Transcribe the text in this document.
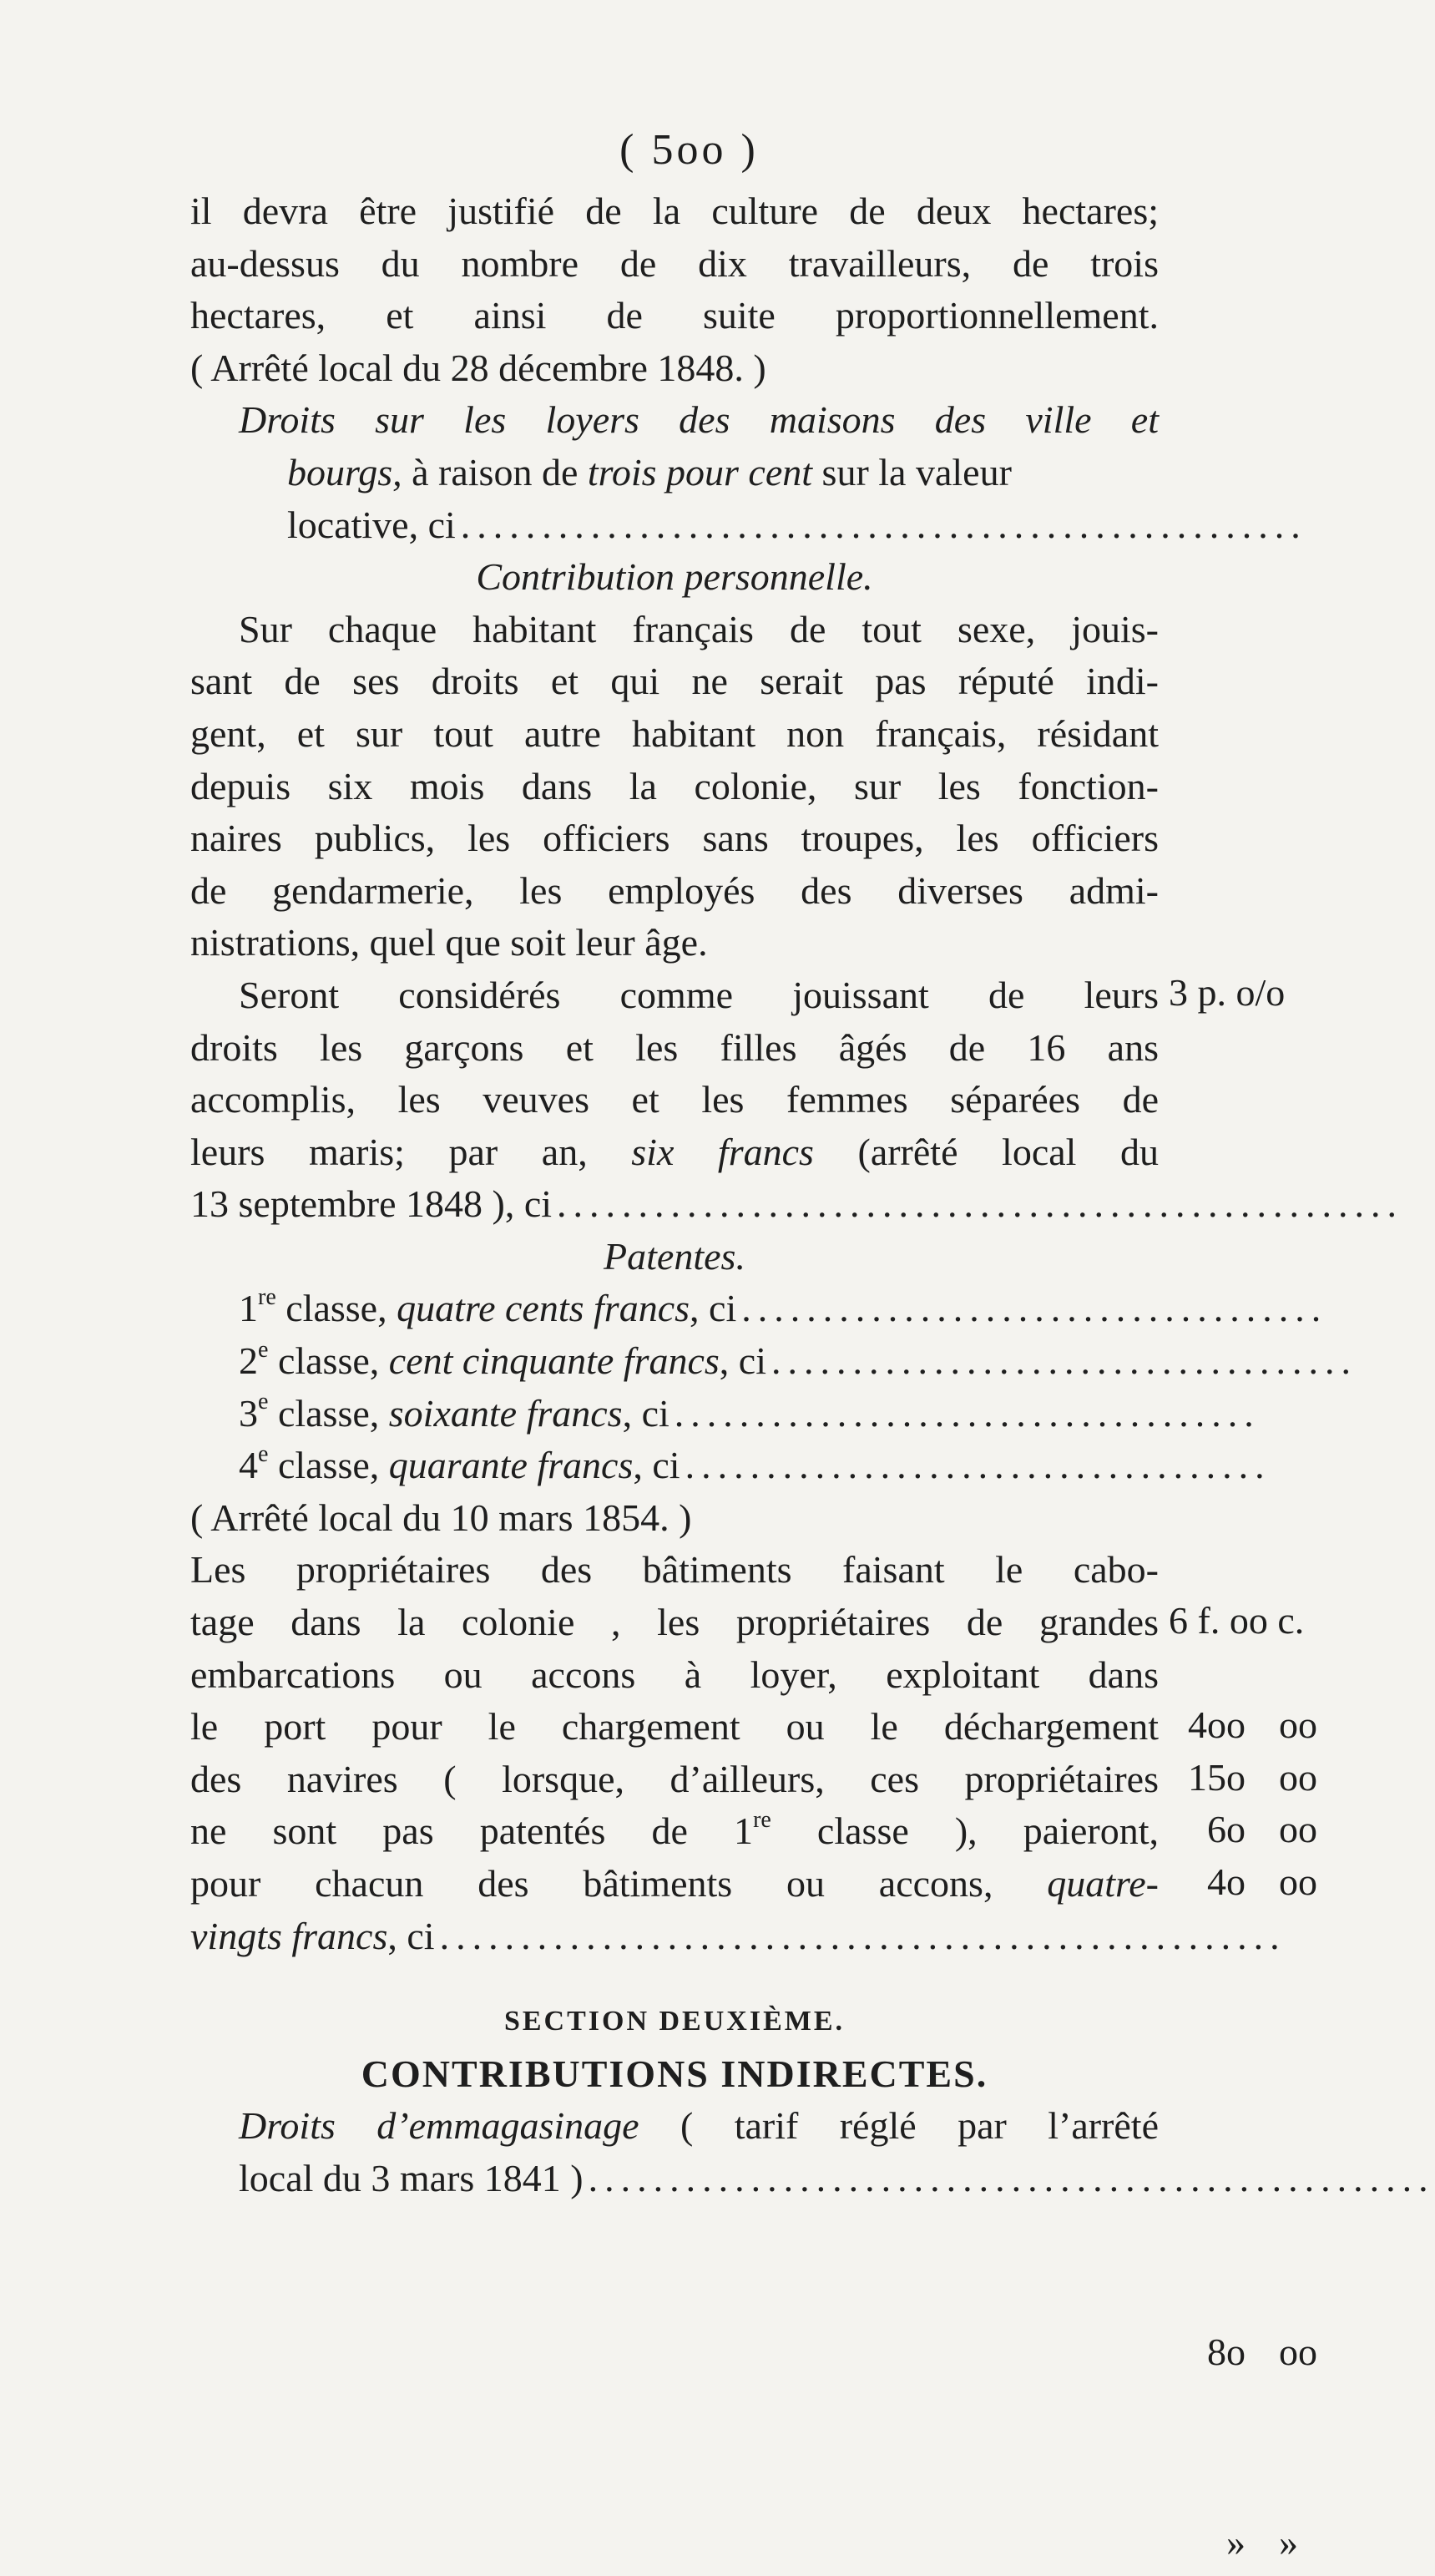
( 5oo )
il devra être justifié de la culture de deux hectares;
au-dessus du nombre de dix travailleurs, de trois
hectares, et ainsi de suite proportionnellement.
( Arrêté local du 28 décembre 1848. )
Droits sur les loyers des maisons des ville et
bourgs, à raison de trois pour cent sur la valeur
locative, ci ....................................................
Contribution personnelle.
Sur chaque habitant français de tout sexe, jouis-
sant de ses droits et qui ne serait pas réputé indi-
gent, et sur tout autre habitant non français, résidant
depuis six mois dans la colonie, sur les fonction-
naires publics, les officiers sans troupes, les officiers
de gendarmerie, les employés des diverses admi-
nistrations, quel que soit leur âge.
Seront considérés comme jouissant de leurs
droits les garçons et les filles âgés de 16 ans
accomplis, les veuves et les femmes séparées de
leurs maris; par an, six francs (arrêté local du
13 septembre 1848 ), ci ....................................................
Patentes.
1re classe, quatre cents francs, ci ....................................
2e classe, cent cinquante francs, ci ....................................
3e classe, soixante francs, ci ....................................
4e classe, quarante francs, ci ....................................
( Arrêté local du 10 mars 1854. )
Les propriétaires des bâtiments faisant le cabo-
tage dans la colonie , les propriétaires de grandes
embarcations ou accons à loyer, exploitant dans
le port pour le chargement ou le déchargement
des navires ( lorsque, d’ailleurs, ces propriétaires
ne sont pas patentés de 1re classe ), paieront,
pour chacun des bâtiments ou accons, quatre-
vingts francs, ci ....................................................
SECTION DEUXIÈME.
CONTRIBUTIONS INDIRECTES.
Droits d’emmagasinage ( tarif réglé par l’arrêté
local du 3 mars 1841 ) ....................................................
3 p. o/o
6 f. oo c.
4oo oo
15o oo
6o oo
4o oo
8o oo
» »
